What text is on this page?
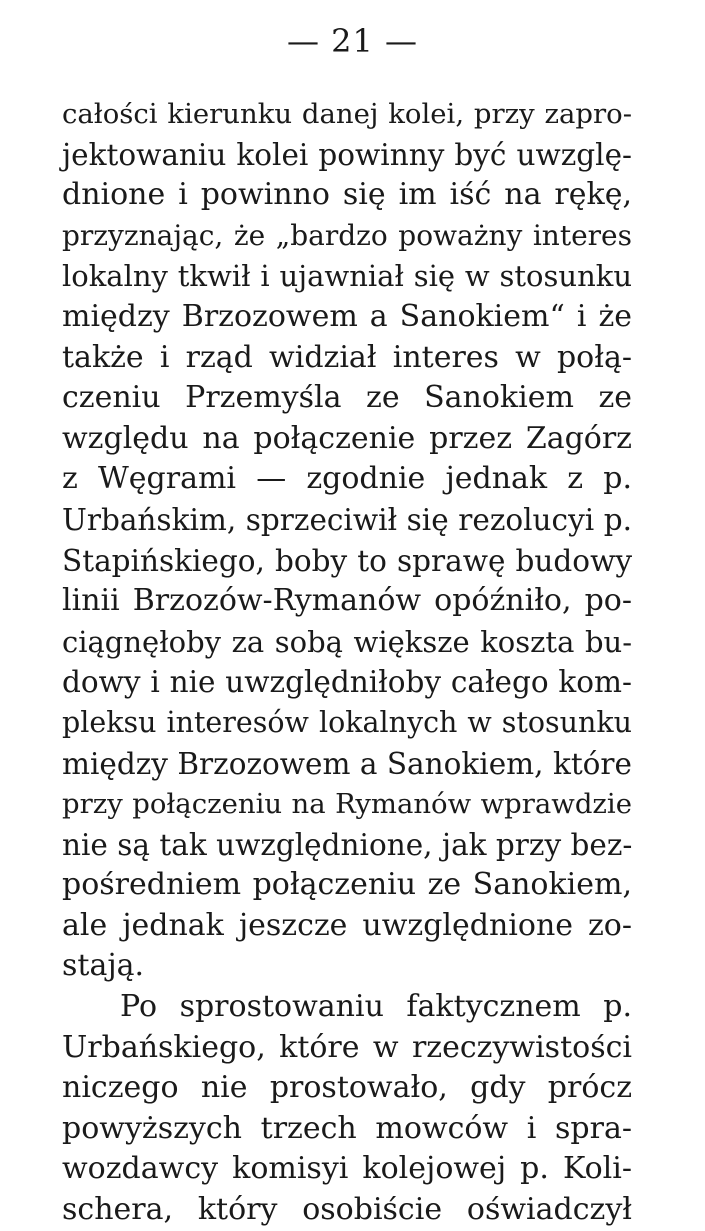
— 21 —
całości kierunku danej kolei, przy zapro-
jektowaniu kolei powinny być uwzglę-
dnione i powinno się im iść na rękę,
przyznając, że „bardzo poważny interes
lokalny tkwił i ujawniał się w stosunku
między Brzozowem a Sanokiem“ i że
także i rząd widział interes w połą-
czeniu Przemyśla ze Sanokiem ze
względu na połączenie przez Zagórz
z Węgrami — zgodnie jednak z p.
Urbańskim, sprzeciwił się rezolucyi p.
Stapińskiego, boby to sprawę budowy
linii Brzozów-Rymanów opóźniło, po-
ciągnęłoby za sobą większe koszta bu-
dowy i nie uwzględniłoby całego kom-
pleksu interesów lokalnych w stosunku
między Brzozowem a Sanokiem, które
przy połączeniu na Rymanów wprawdzie
nie są tak uwzględnione, jak przy bez-
pośredniem połączeniu ze Sanokiem,
ale jednak jeszcze uwzględnione zo-
stają.
Po sprostowaniu faktycznem p.
Urbańskiego, które w rzeczywistości
niczego nie prostowało, gdy prócz
powyższych trzech mowców i spra-
wozdawcy komisyi kolejowej p. Koli-
schera, który osobiście oświadczył
